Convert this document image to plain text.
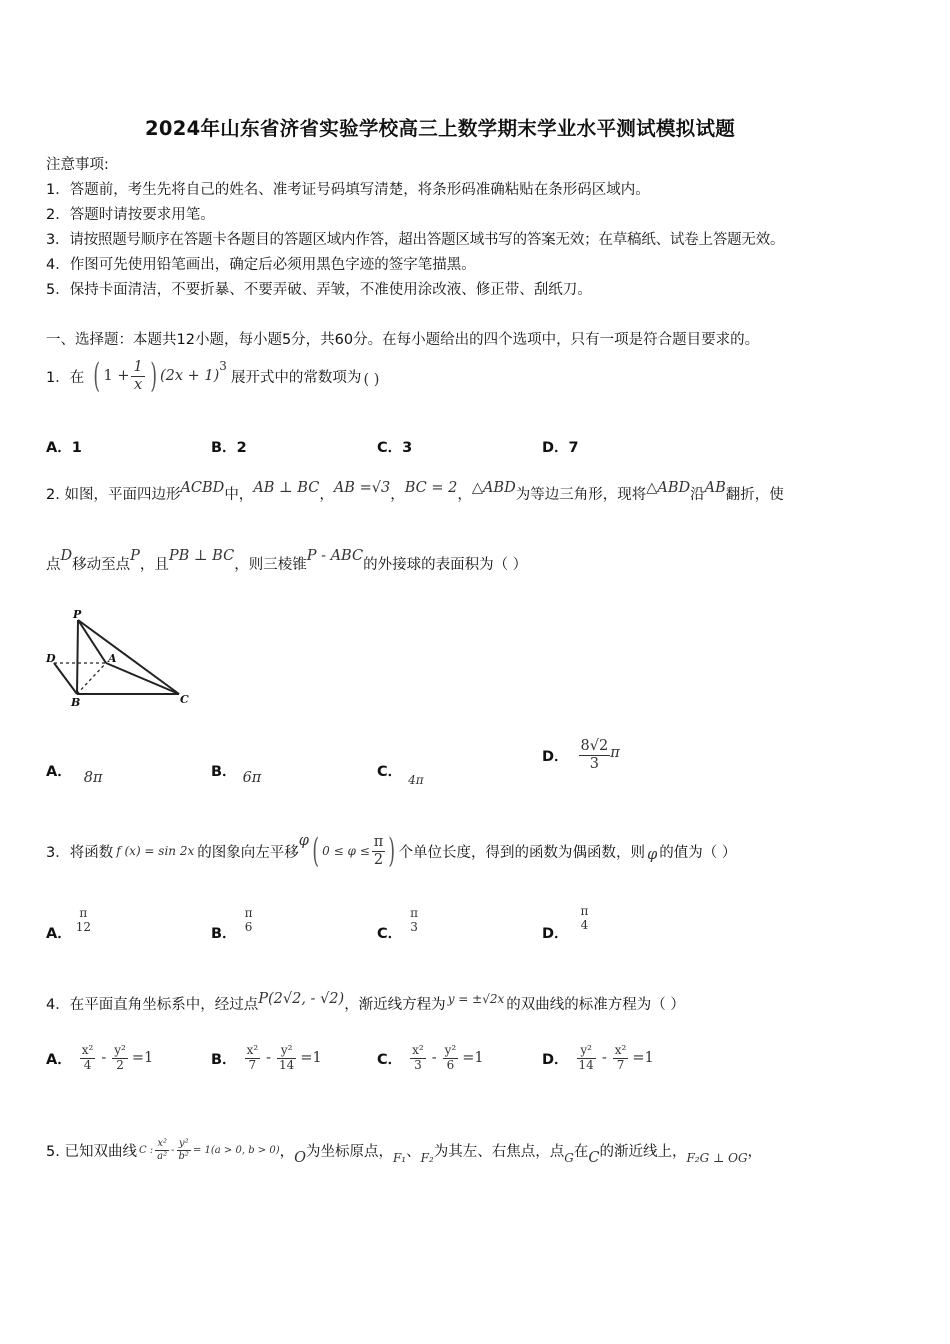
2024年山东省济省实验学校高三上数学期末学业水平测试模拟试题
注意事项:
1．答题前，考生先将自己的姓名、准考证号码填写清楚，将条形码准确粘贴在条形码区域内。
2．答题时请按要求用笔。
3．请按照题号顺序在答题卡各题目的答题区域内作答，超出答题区域书写的答案无效；在草稿纸、试卷上答题无效。
4．作图可先使用铅笔画出，确定后必须用黑色字迹的签字笔描黑。
5．保持卡面清洁，不要折暴、不要弄破、弄皱，不准使用涂改液、修正带、刮纸刀。
一、选择题：本题共12小题，每小题5分，共60分。在每小题给出的四个选项中，只有一项是符合题目要求的。
1．在 ( $1 + \frac{1}{x}$ ) (2x + 1)
$^3$
展开式中的常数项为 ( )
A．1	B．2	C．3	D．7
2. 如图，平面四边形 ACBD 中， AB ⊥ BC ， AB =√3 ， BC = 2 ， △ABD 为等边三角形，现将 △ABD 沿 AB 翻折，使
点
D
移动至点
P
，且
PB ⊥ BC
，则三棱锥
P - ABC
的外接球的表面积为（ ）
P
D	A
B	C
A． 8π	B． 6π	C． $_{4\pi}$
D． $\frac{8√2}{3}$ π
3．将函数 f (x) = sin 2x 的图象向左平移
φ ( $0 \le \varphi \le \frac{\pi}{2}$ ) 个单位长度，得到的函数为偶函数，则 φ 的值为（ ）
A．
π
12	B．
π
6	C．
π
3	D．
π
4
4．在平面直角坐标系中，经过点 P(2√2, - √2) ，渐近线方程为 y = ±√2x 的双曲线的标准方程为（ ）
A． $\frac{\text{x²}}{4} - \frac{\text{y²}}{2} =1$	B． $\frac{\text{x²}}{7} - \frac{\text{y²}}{14} =1$	C． $\frac{\text{x²}}{3} - \frac{\text{y²}}{6} =1$	D． $\frac{\text{y²}}{14} - \frac{\text{x²}}{7} =1$
5. 已知双曲线 C : $\frac{\text{x²}}{\text{a²}} - \frac{\text{y²}}{\text{b²}} = 1(a > 0$, b > 0) ， O 为坐标原点， F₁ 、 F₂ 为其左、右焦点，点 G 在 C 的渐近线上， F₂G ⊥ OG ，
